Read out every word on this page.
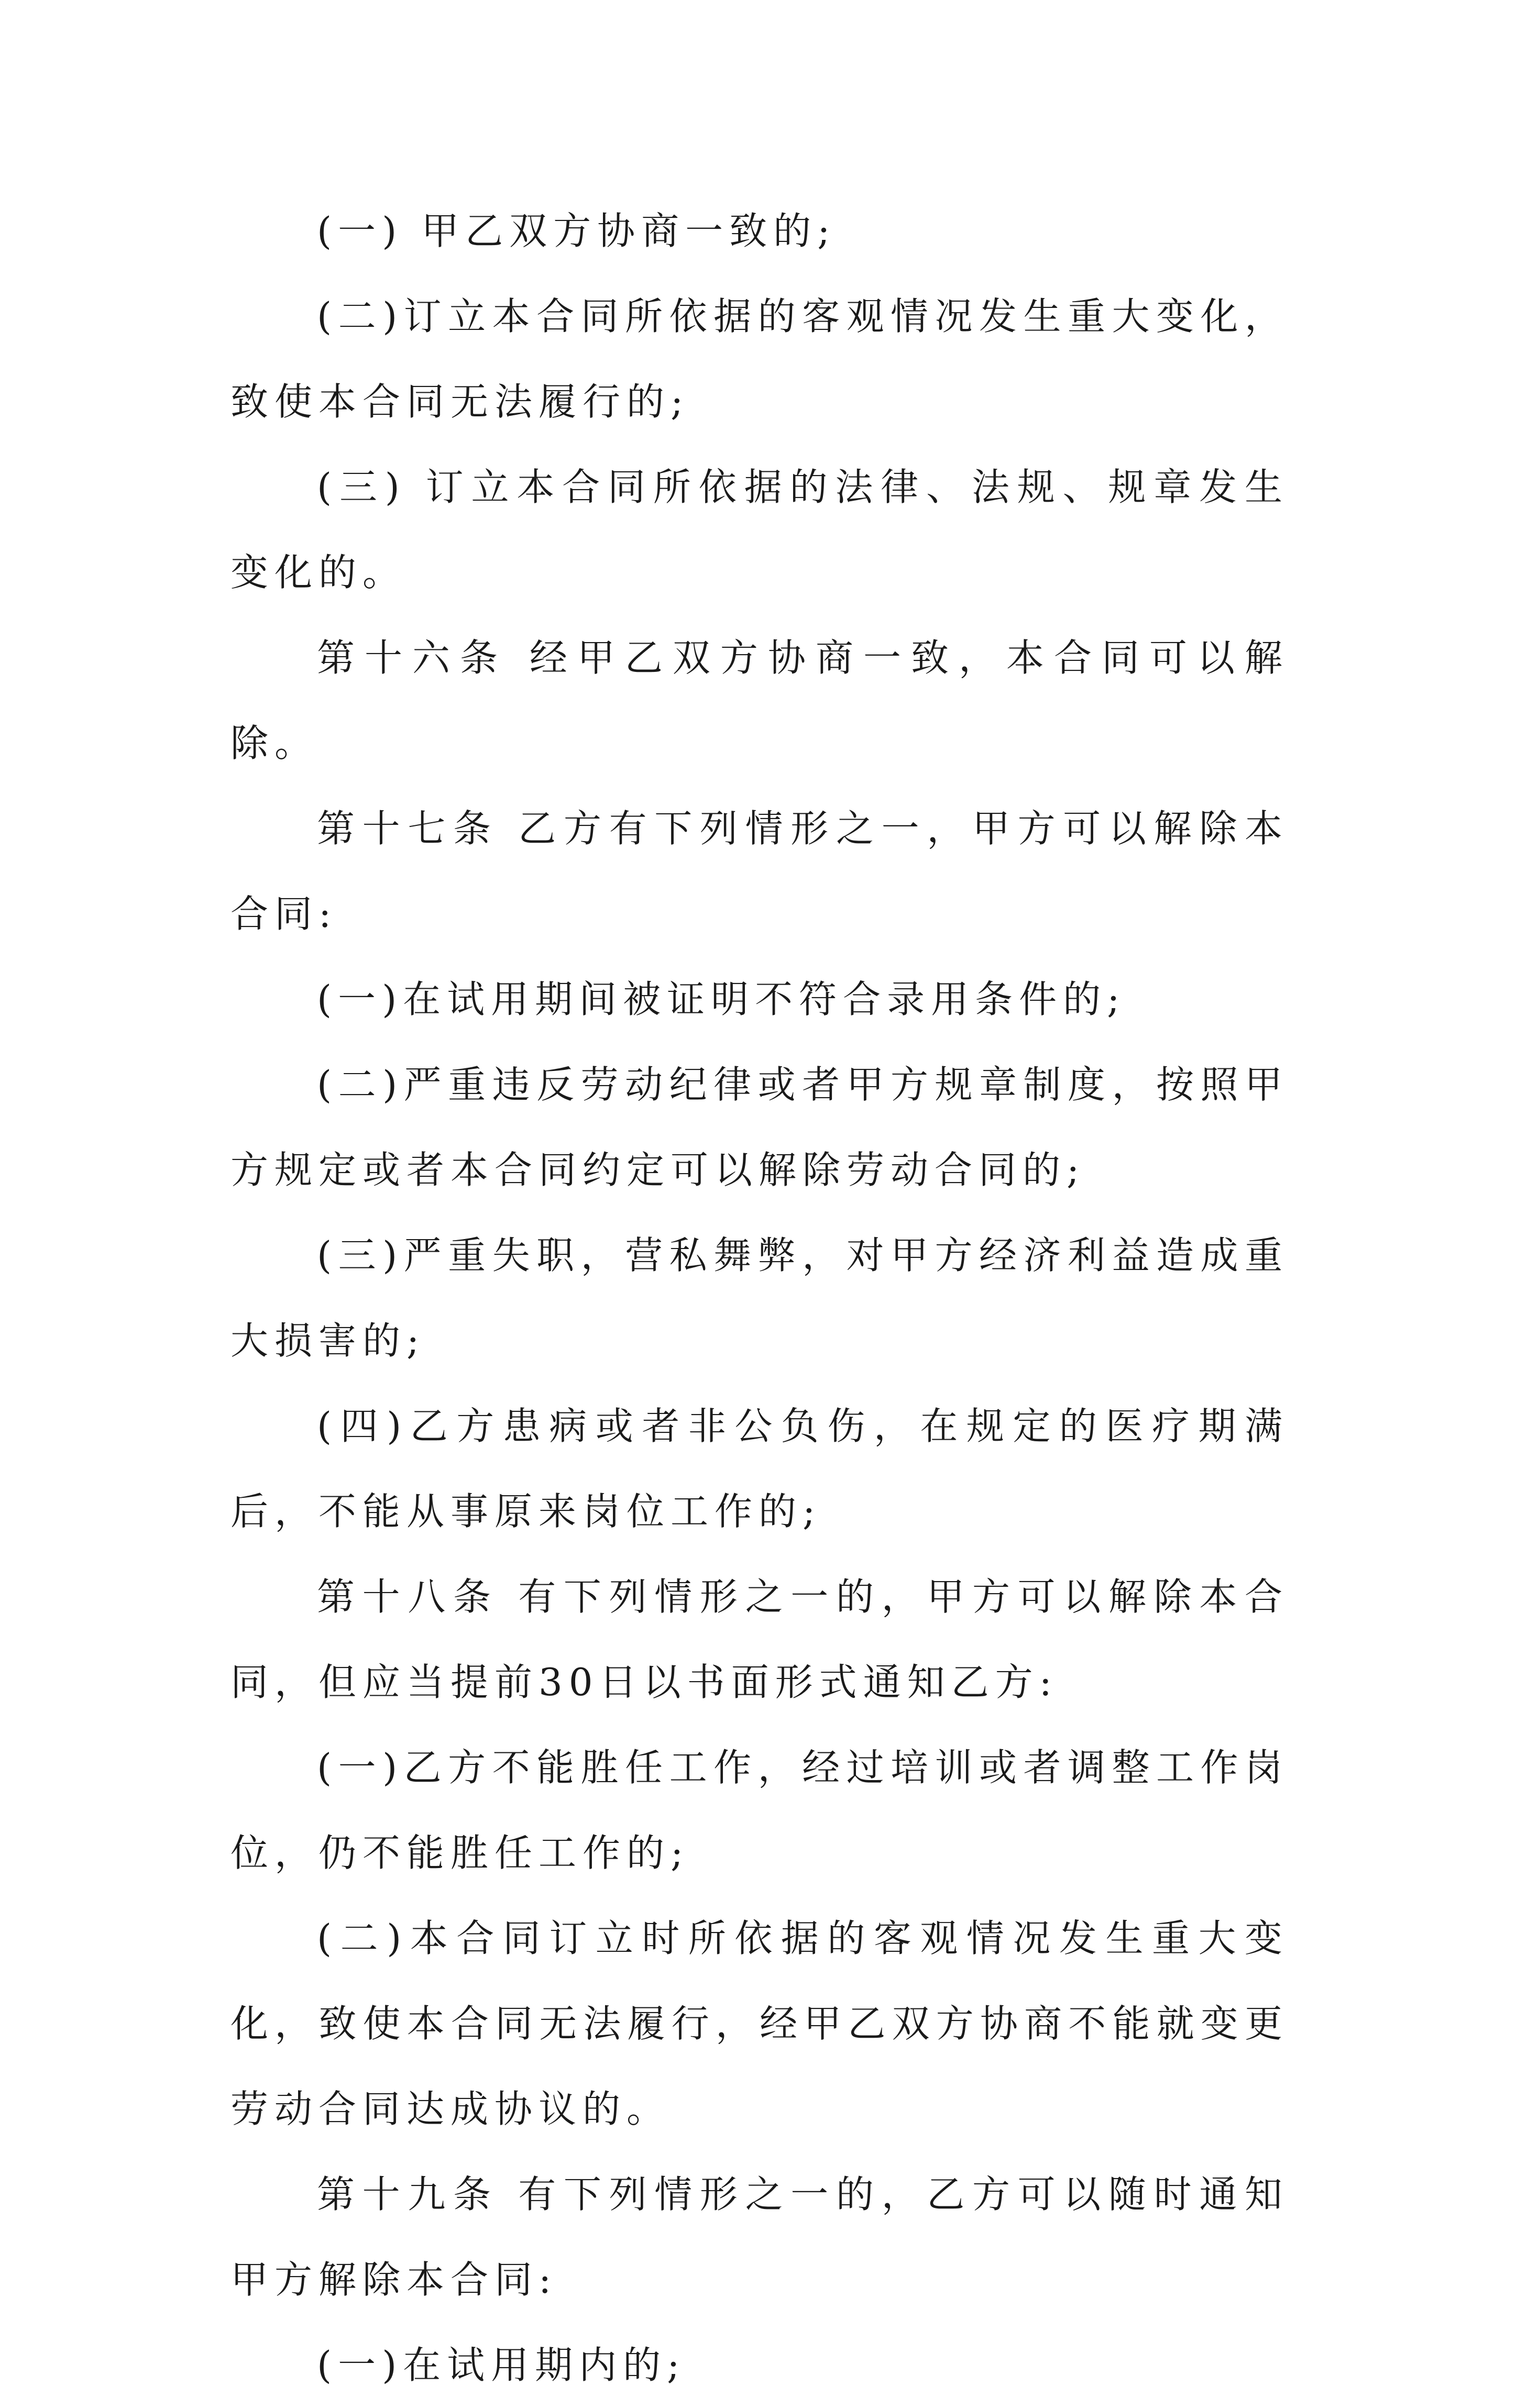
(一) 甲乙双方协商一致的;

(二)订立本合同所依据的客观情况发生重大变化，致使本合同无法履行的;

(三) 订立本合同所依据的法律、法规、规章发生变化的。

第十六条 经甲乙双方协商一致，本合同可以解除。

第十七条 乙方有下列情形之一，甲方可以解除本合同:

(一)在试用期间被证明不符合录用条件的;

(二)严重违反劳动纪律或者甲方规章制度，按照甲方规定或者本合同约定可以解除劳动合同的;

(三)严重失职，营私舞弊，对甲方经济利益造成重大损害的;

(四)乙方患病或者非公负伤，在规定的医疗期满后，不能从事原来岗位工作的;

第十八条 有下列情形之一的，甲方可以解除本合同，但应当提前30日以书面形式通知乙方:

(一)乙方不能胜任工作，经过培训或者调整工作岗位，仍不能胜任工作的;

(二)本合同订立时所依据的客观情况发生重大变化，致使本合同无法履行，经甲乙双方协商不能就变更劳动合同达成协议的。

第十九条 有下列情形之一的，乙方可以随时通知甲方解除本合同:

(一)在试用期内的;
